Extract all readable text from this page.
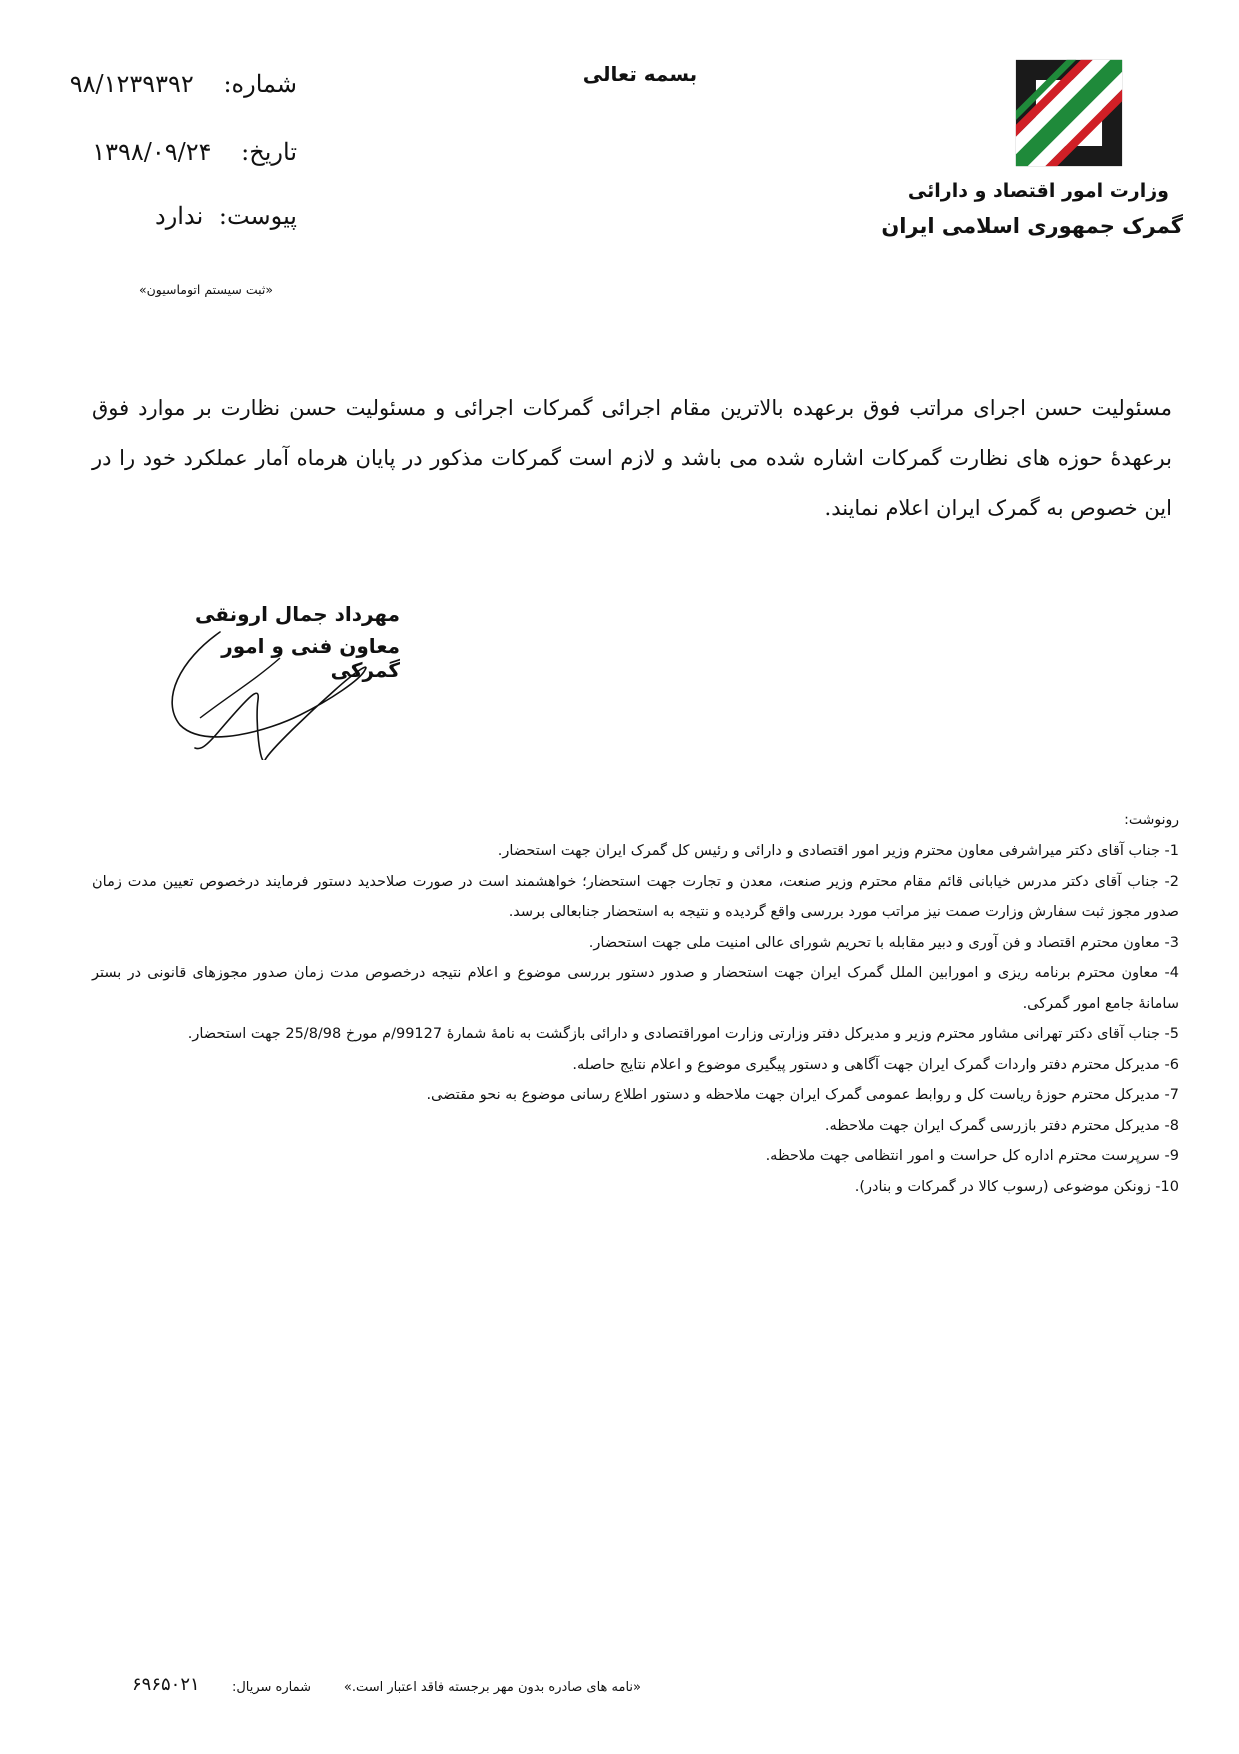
بسمه تعالی
وزارت امور اقتصاد و دارائی
گمرک جمهوری اسلامی ایران
شماره: ۹۸/۱۲۳۹۳۹۲
تاریخ: ۱۳۹۸/۰۹/۲۴
پیوست: ندارد
«ثبت سیستم اتوماسیون»
مسئولیت حسن اجرای مراتب فوق برعهده بالاترین مقام اجرائی گمرکات اجرائی و مسئولیت حسن نظارت بر موارد فوق برعهدهٔ حوزه های نظارت گمرکات اشاره شده می باشد و لازم است گمرکات مذکور در پایان هرماه آمار عملکرد خود را در این خصوص به گمرک ایران اعلام نمایند.
مهرداد جمال ارونقی
معاون فنی و امور گمرکی
رونوشت:
1- جناب آقای دکتر میراشرفی معاون محترم وزیر امور اقتصادی و دارائی و رئیس کل گمرک ایران جهت استحضار.
2- جناب آقای دکتر مدرس خیابانی قائم مقام محترم وزیر صنعت، معدن و تجارت جهت استحضار؛ خواهشمند است در صورت صلاحدید دستور فرمایند درخصوص تعیین مدت زمان صدور مجوز ثبت سفارش وزارت صمت نیز مراتب مورد بررسی واقع گردیده و نتیجه به استحضار جنابعالی برسد.
3- معاون محترم اقتصاد و فن آوری و دبیر مقابله با تحریم شورای عالی امنیت ملی جهت استحضار.
4- معاون محترم برنامه ریزی و امورابین الملل گمرک ایران جهت استحضار و صدور دستور بررسی موضوع و اعلام نتیجه درخصوص مدت زمان صدور مجوزهای قانونی در بستر سامانهٔ جامع امور گمرکی.
5- جناب آقای دکتر تهرانی مشاور محترم وزیر و مدیرکل دفتر وزارتی وزارت اموراقتصادی و دارائی بازگشت به نامهٔ شمارهٔ 99127/م مورخ 25/8/98 جهت استحضار.
6- مدیرکل محترم دفتر واردات گمرک ایران جهت آگاهی و دستور پیگیری موضوع و اعلام نتایج حاصله.
7- مدیرکل محترم حوزهٔ ریاست کل و روابط عمومی گمرک ایران جهت ملاحظه و دستور اطلاع رسانی موضوع به نحو مقتضی.
8- مدیرکل محترم دفتر بازرسی گمرک ایران جهت ملاحظه.
9- سرپرست محترم اداره کل حراست و امور انتظامی جهت ملاحظه.
10- زونکن موضوعی (رسوب کالا در گمرکات و بنادر).
«نامه های صادره بدون مهر برجسته فاقد اعتبار است.»
شماره سریال:
۶۹۶۵۰۲۱
